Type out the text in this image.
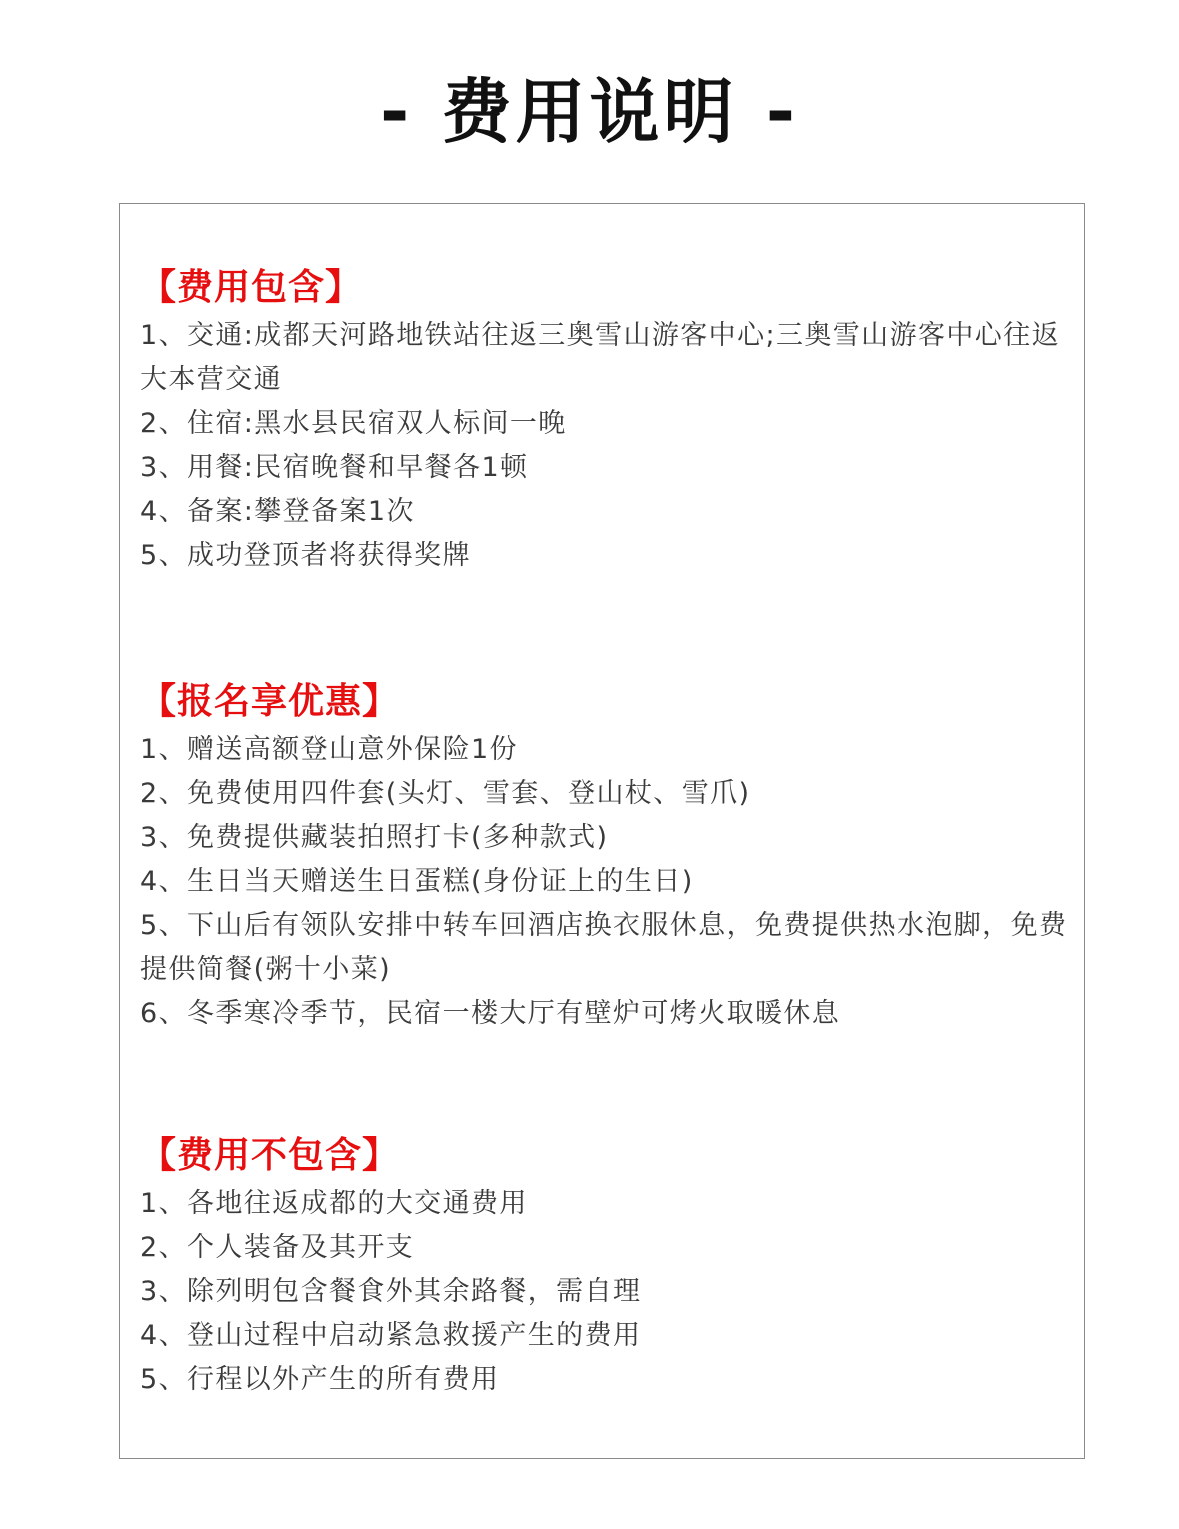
- 费用说明 -
【费用包含】
1、交通:成都天河路地铁站往返三奥雪山游客中心;三奥雪山游客中心往返大本营交通
2、住宿:黑水县民宿双人标间一晚
3、用餐:民宿晚餐和早餐各1顿
4、备案:攀登备案1次
5、成功登顶者将获得奖牌
【报名享优惠】
1、赠送高额登山意外保险1份
2、免费使用四件套(头灯、雪套、登山杖、雪爪)
3、免费提供藏装拍照打卡(多种款式)
4、生日当天赠送生日蛋糕(身份证上的生日)
5、下山后有领队安排中转车回酒店换衣服休息，免费提供热水泡脚，免费提供简餐(粥十小菜)
6、冬季寒冷季节，民宿一楼大厅有壁炉可烤火取暖休息
【费用不包含】
1、各地往返成都的大交通费用
2、个人装备及其开支
3、除列明包含餐食外其余路餐，需自理
4、登山过程中启动紧急救援产生的费用
5、行程以外产生的所有费用
